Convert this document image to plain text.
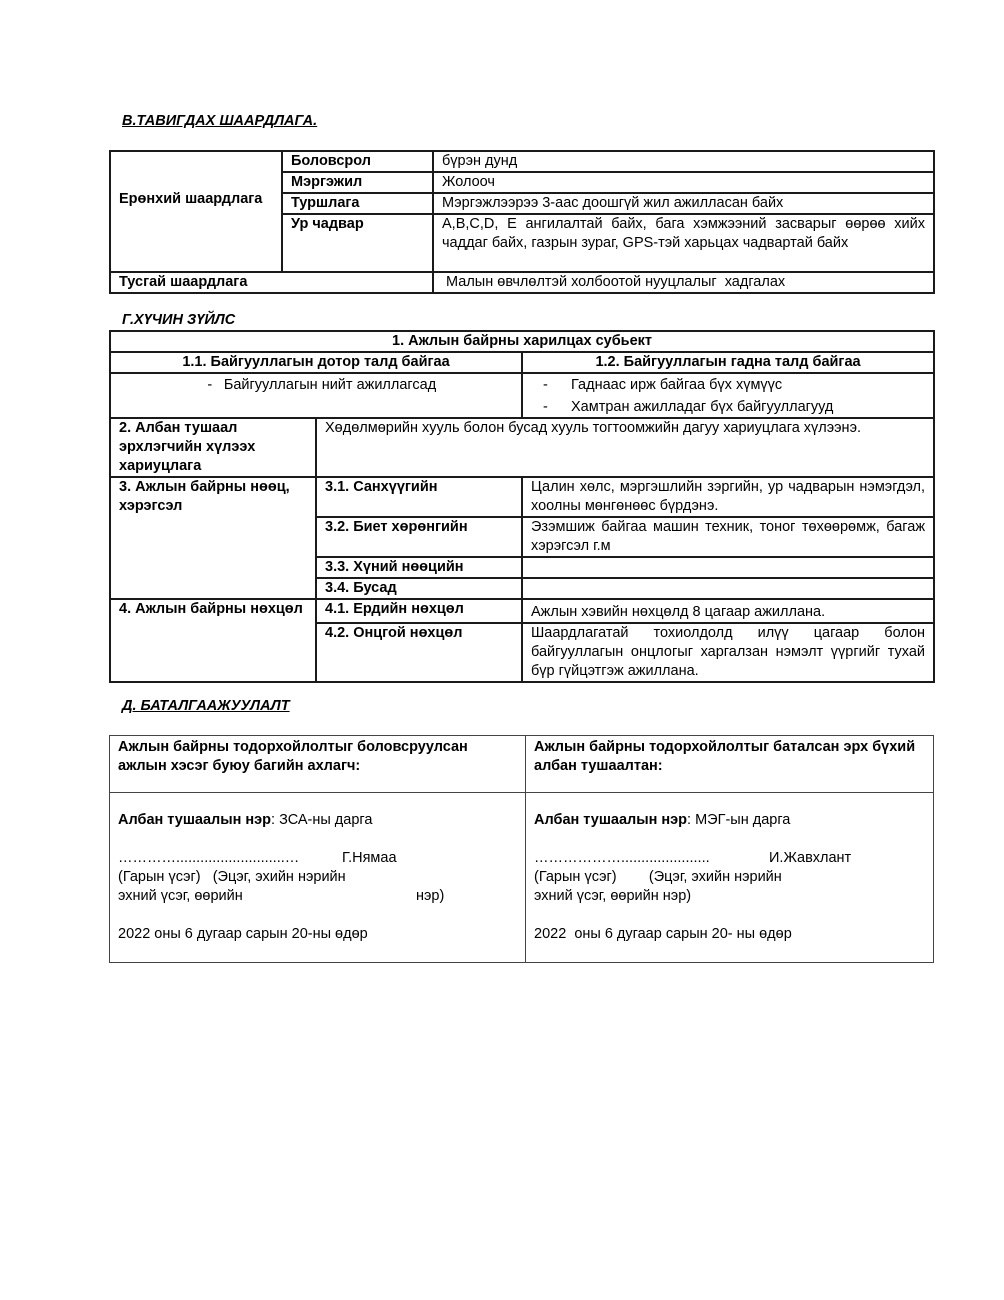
В.ТАВИГДАХ ШААРДЛАГА.
Ерөнхий шаардлага	Боловсрол	бүрэн дунд
	Мэргэжил	Жолооч
	Туршлага	Мэргэжлээрээ 3-аас доошгүй жил ажилласан байх
	Ур чадвар	A,B,C,D, E ангилалтай байх, бага хэмжээний засварыг өөрөө хийх чаддаг байх, газрын зураг, GPS-тэй харьцах чадвартай байх
Тусгай шаардлага		Малын өвчлөлтэй холбоотой нууцлалыг  хадгалах
Г.ХҮЧИН ЗҮЙЛС
1. Ажлын байрны харилцах субьект		
1.1. Байгууллагын дотор талд байгаа		1.2. Байгууллагын гадна талд байгаа

- Байгууллагын нийт ажиллагсад		- Гаднаас ирж байгаа бүх хүмүүс
- Хамтран ажилладаг бүх байгууллагууд

2. Албан тушаал эрхлэгчийн хүлээх хариуцлага	Хөдөлмөрийн хууль болон бусад хууль тогтоомжийн дагуу хариуцлага хүлээнэ.	
3. Ажлын байрны нөөц, хэрэгсэл	3.1. Санхүүгийн	Цалин хөлс, мэргэшлийн зэргийн, ур чадварын нэмэгдэл, хоолны мөнгөнөөс бүрдэнэ.
	3.2. Биет хөрөнгийн	Эзэмшиж байгаа машин техник, тоног төхөөрөмж, багаж хэрэгсэл г.м
	3.3. Хүний нөөцийн	
	3.4. Бусад	
4. Ажлын байрны нөхцөл	4.1. Ердийн нөхцөл	Ажлын хэвийн нөхцөлд 8 цагаар ажиллана.
	4.2. Онцгой нөхцөл	Шаардлагатай тохиолдолд илүү цагаар болон байгууллагын онцлогыг харгалзан нэмэлт үүргийг тухай бүр гүйцэтгэж ажиллана.
Д. БАТАЛГААЖУУЛАЛТ
Ажлын байрны тодорхойлолтыг боловсруулсан ажлын хэсэг буюу багийн ахлагч:	Ажлын байрны тодорхойлолтыг баталсан эрх бүхий албан тушаалтан:

Албан тушаалын нэр: ЗСА-ны дарга
…………...........................…	Г.Нямаа
(Гарын үсэг)   (Эцэг, эхийн нэрийн
эхний үсэг, өөрийн	нэр)
2022 оны 6 дугаар сарын 20-ны өдөр

Албан тушаалын нэр: МЭГ-ын дарга
………………......................	И.Жавхлант
(Гарын үсэг)        (Эцэг, эхийн нэрийн
эхний үсэг, өөрийн нэр)
2022  оны 6 дугаар сарын 20- ны өдөр
